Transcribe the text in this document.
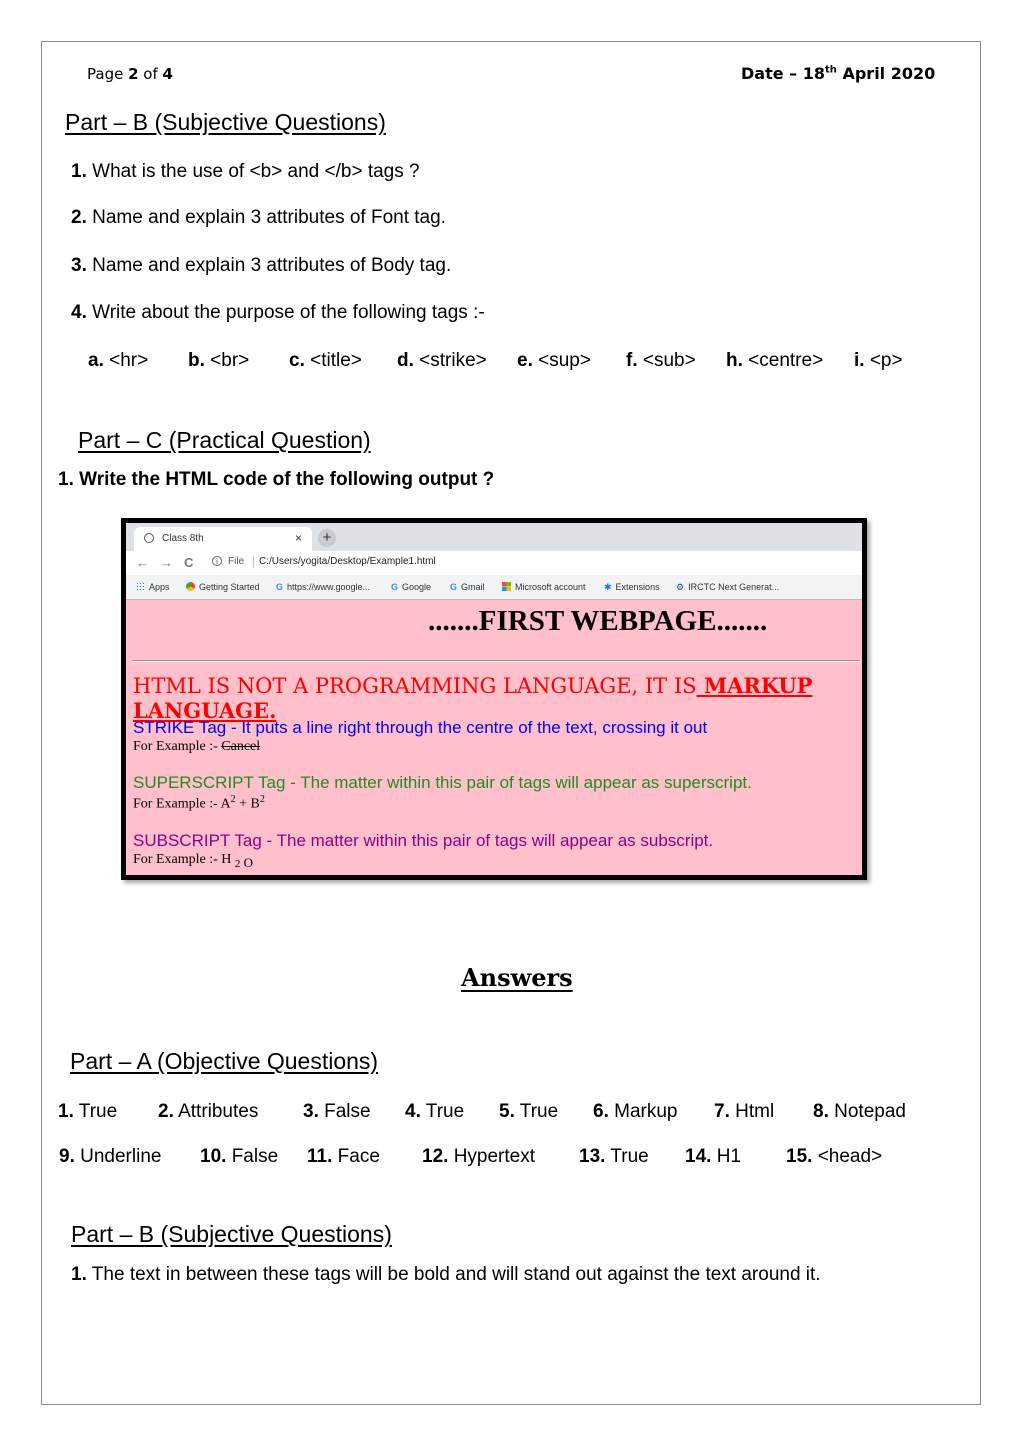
Page 2 of 4	Date – 18th April 2020
Part – B (Subjective Questions)
1. What is the use of <b> and </b> tags ?
2. Name and explain 3 attributes of Font tag.
3. Name and explain 3 attributes of Body tag.
4. Write about the purpose of the following tags :-
a. <hr> b. <br> c. <title> d. <strike> e. <sup> f. <sub> h. <centre> i. <p>
Part – C (Practical Question)
1. Write the HTML code of the following output ?
Class 8th	×	+
← → C	i	File | C:/Users/yogita/Desktop/Example1.html
Apps	Getting Started G https://www.google... G Google G Gmail	Microsoft account ✱ Extensions ⚙ IRCTC Next Generat...
.......FIRST WEBPAGE.......
HTML IS NOT A PROGRAMMING LANGUAGE, IT IS MARKUP LANGUAGE.
STRIKE Tag - It puts a line right through the centre of the text, crossing it out
For Example :- Cancel
SUPERSCRIPT Tag - The matter within this pair of tags will appear as superscript.
For Example :- $A^2 + B^2$
SUBSCRIPT Tag - The matter within this pair of tags will appear as subscript.
For Example :- H $_2$ $_O$
Answers
Part – A (Objective Questions)
1. True 2. Attributes 3. False 4. True 5. True 6. Markup 7. Html 8. Notepad
9. Underline 10. False 11. Face 12. Hypertext 13. True 14. H1 15. <head>
Part – B (Subjective Questions)
1. The text in between these tags will be bold and will stand out against the text around it.
